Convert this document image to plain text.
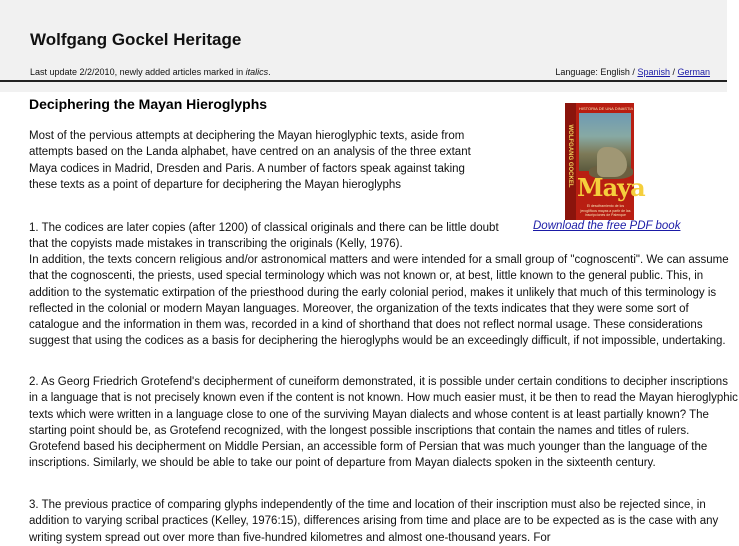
Wolfgang Gockel Heritage
Last update 2/2/2010, newly added articles marked in italics.	Language: English / Spanish / German
Deciphering the Mayan Hieroglyphs
Most of the pervious attempts at deciphering the Mayan hieroglyphic texts, aside from attempts based on the Landa alphabet, have centred on an analysis of the three extant Maya codices in Madrid, Dresden and Paris. A number of factors speak against taking these texts as a point of departure for deciphering the Mayan hieroglyphs
1. The codices are later copies (after 1200) of classical originals and there can be little doubt that the copyists made mistakes in transcribing the originals (Kelly, 1976).
In addition, the texts concern religious and/or astronomical matters and were intended for a small group of "cognoscenti". We can assume that the cognoscenti, the priests, used special terminology which was not known or, at best, little known to the general public. This, in addition to the systematic extirpation of the priesthood during the early colonial period, makes it unlikely that much of this terminology is reflected in the colonial or modern Mayan languages. Moreover, the organization of the texts indicates that they were some sort of catalogue and the information in them was, recorded in a kind of shorthand that does not reflect normal usage. These considerations suggest that using the codices as a basis for deciphering the hieroglyphs would be an exceedingly difficult, if not impossible, undertaking.
2. As Georg Friedrich Grotefend's decipherment of cuneiform demonstrated, it is possible under certain conditions to decipher inscriptions in a language that is not precisely known even if the content is not known. How much easier must, it be then to read the Mayan hieroglyphic texts which were written in a language close to one of the surviving Mayan dialects and whose content is at least partially known? The starting point should be, as Grotefend recognized, with the longest possible inscriptions that contain the names and titles of rulers. Grotefend based his decipherment on Middle Persian, an accessible form of Persian that was much younger than the language of the inscriptions. Similarly, we should be able to take our point of departure from Mayan dialects spoken in the sixteenth century.
3. The previous practice of comparing glyphs independently of the time and location of their inscription must also be rejected since, in addition to varying scribal practices (Kelley, 1976:15), differences arising from time and place are to be expected as is the case with any writing system spread out over more than five-hundred kilometres and almost one-thousand years. For
WOLFGANG GOCKEL
HISTORIA DE UNA DINASTIA
Maya
El desciframiento de los jeroglificos mayas a partir de las inscripciones de Palenque
Download the free PDF book
